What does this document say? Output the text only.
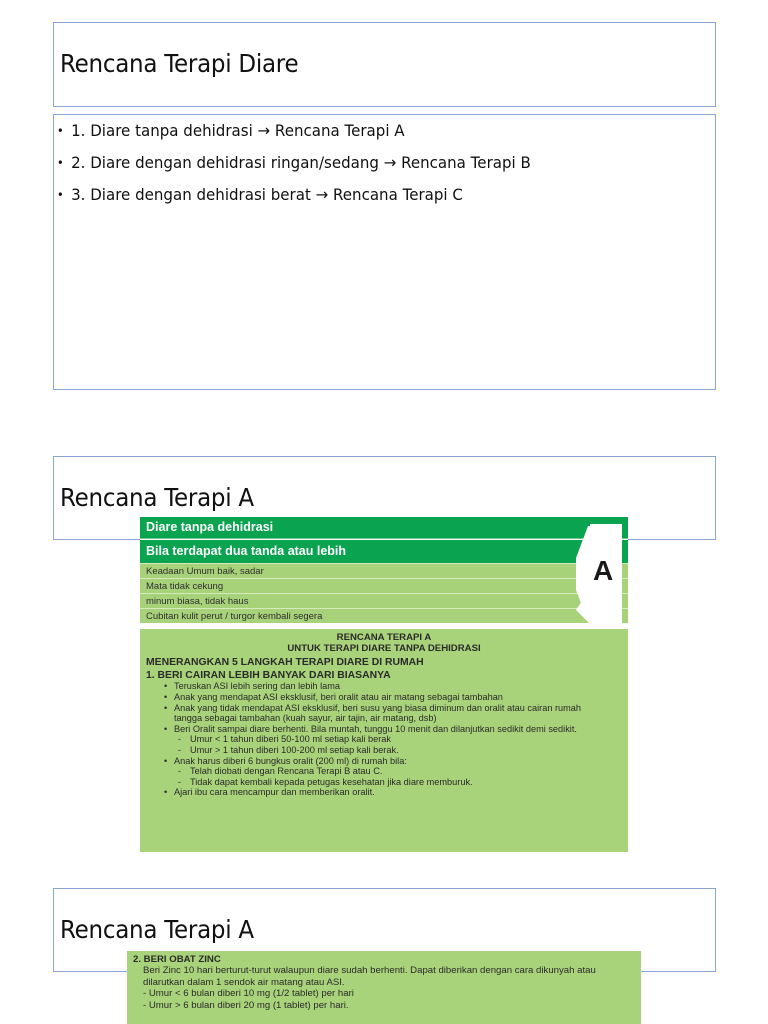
Rencana Terapi Diare
• 1. Diare tanpa dehidrasi → Rencana Terapi A
• 2. Diare dengan dehidrasi ringan/sedang → Rencana Terapi B
• 3. Diare dengan dehidrasi berat → Rencana Terapi C
Rencana Terapi A
Diare tanpa dehidrasi
Bila terdapat dua tanda atau lebih
Keadaan Umum baik, sadar
Mata tidak cekung
minum biasa, tidak haus
Cubitan kulit perut / turgor kembali segera
A
RENCANA TERAPI A
UNTUK TERAPI DIARE TANPA DEHIDRASI
MENERANGKAN 5 LANGKAH TERAPI DIARE DI RUMAH
1. BERI CAIRAN LEBIH BANYAK DARI BIASANYA
• Teruskan ASI lebih sering dan lebih lama
• Anak yang mendapat ASI eksklusif, beri oralit atau air matang sebagai tambahan
• Anak yang tidak mendapat ASI eksklusif, beri susu yang biasa diminum dan oralit atau cairan rumah tangga sebagai tambahan (kuah sayur, air tajin, air matang, dsb)
• Beri Oralit sampai diare berhenti. Bila muntah, tunggu 10 menit dan dilanjutkan sedikit demi sedikit.
- Umur < 1 tahun diberi 50-100 ml setiap kali berak
- Umur > 1 tahun diberi 100-200 ml setiap kali berak.
• Anak harus diberi 6 bungkus oralit (200 ml) di rumah bila:
- Telah diobati dengan Rencana Terapi B atau C.
- Tidak dapat kembali kepada petugas kesehatan jika diare memburuk.
• Ajari ibu cara mencampur dan memberikan oralit.
Rencana Terapi A
2. BERI OBAT ZINC
Beri Zinc 10 hari berturut-turut walaupun diare sudah berhenti. Dapat diberikan dengan cara dikunyah atau dilarutkan dalam 1 sendok air matang atau ASI.
- Umur < 6 bulan diberi 10 mg (1/2 tablet) per hari
- Umur > 6 bulan diberi 20 mg (1 tablet) per hari.
